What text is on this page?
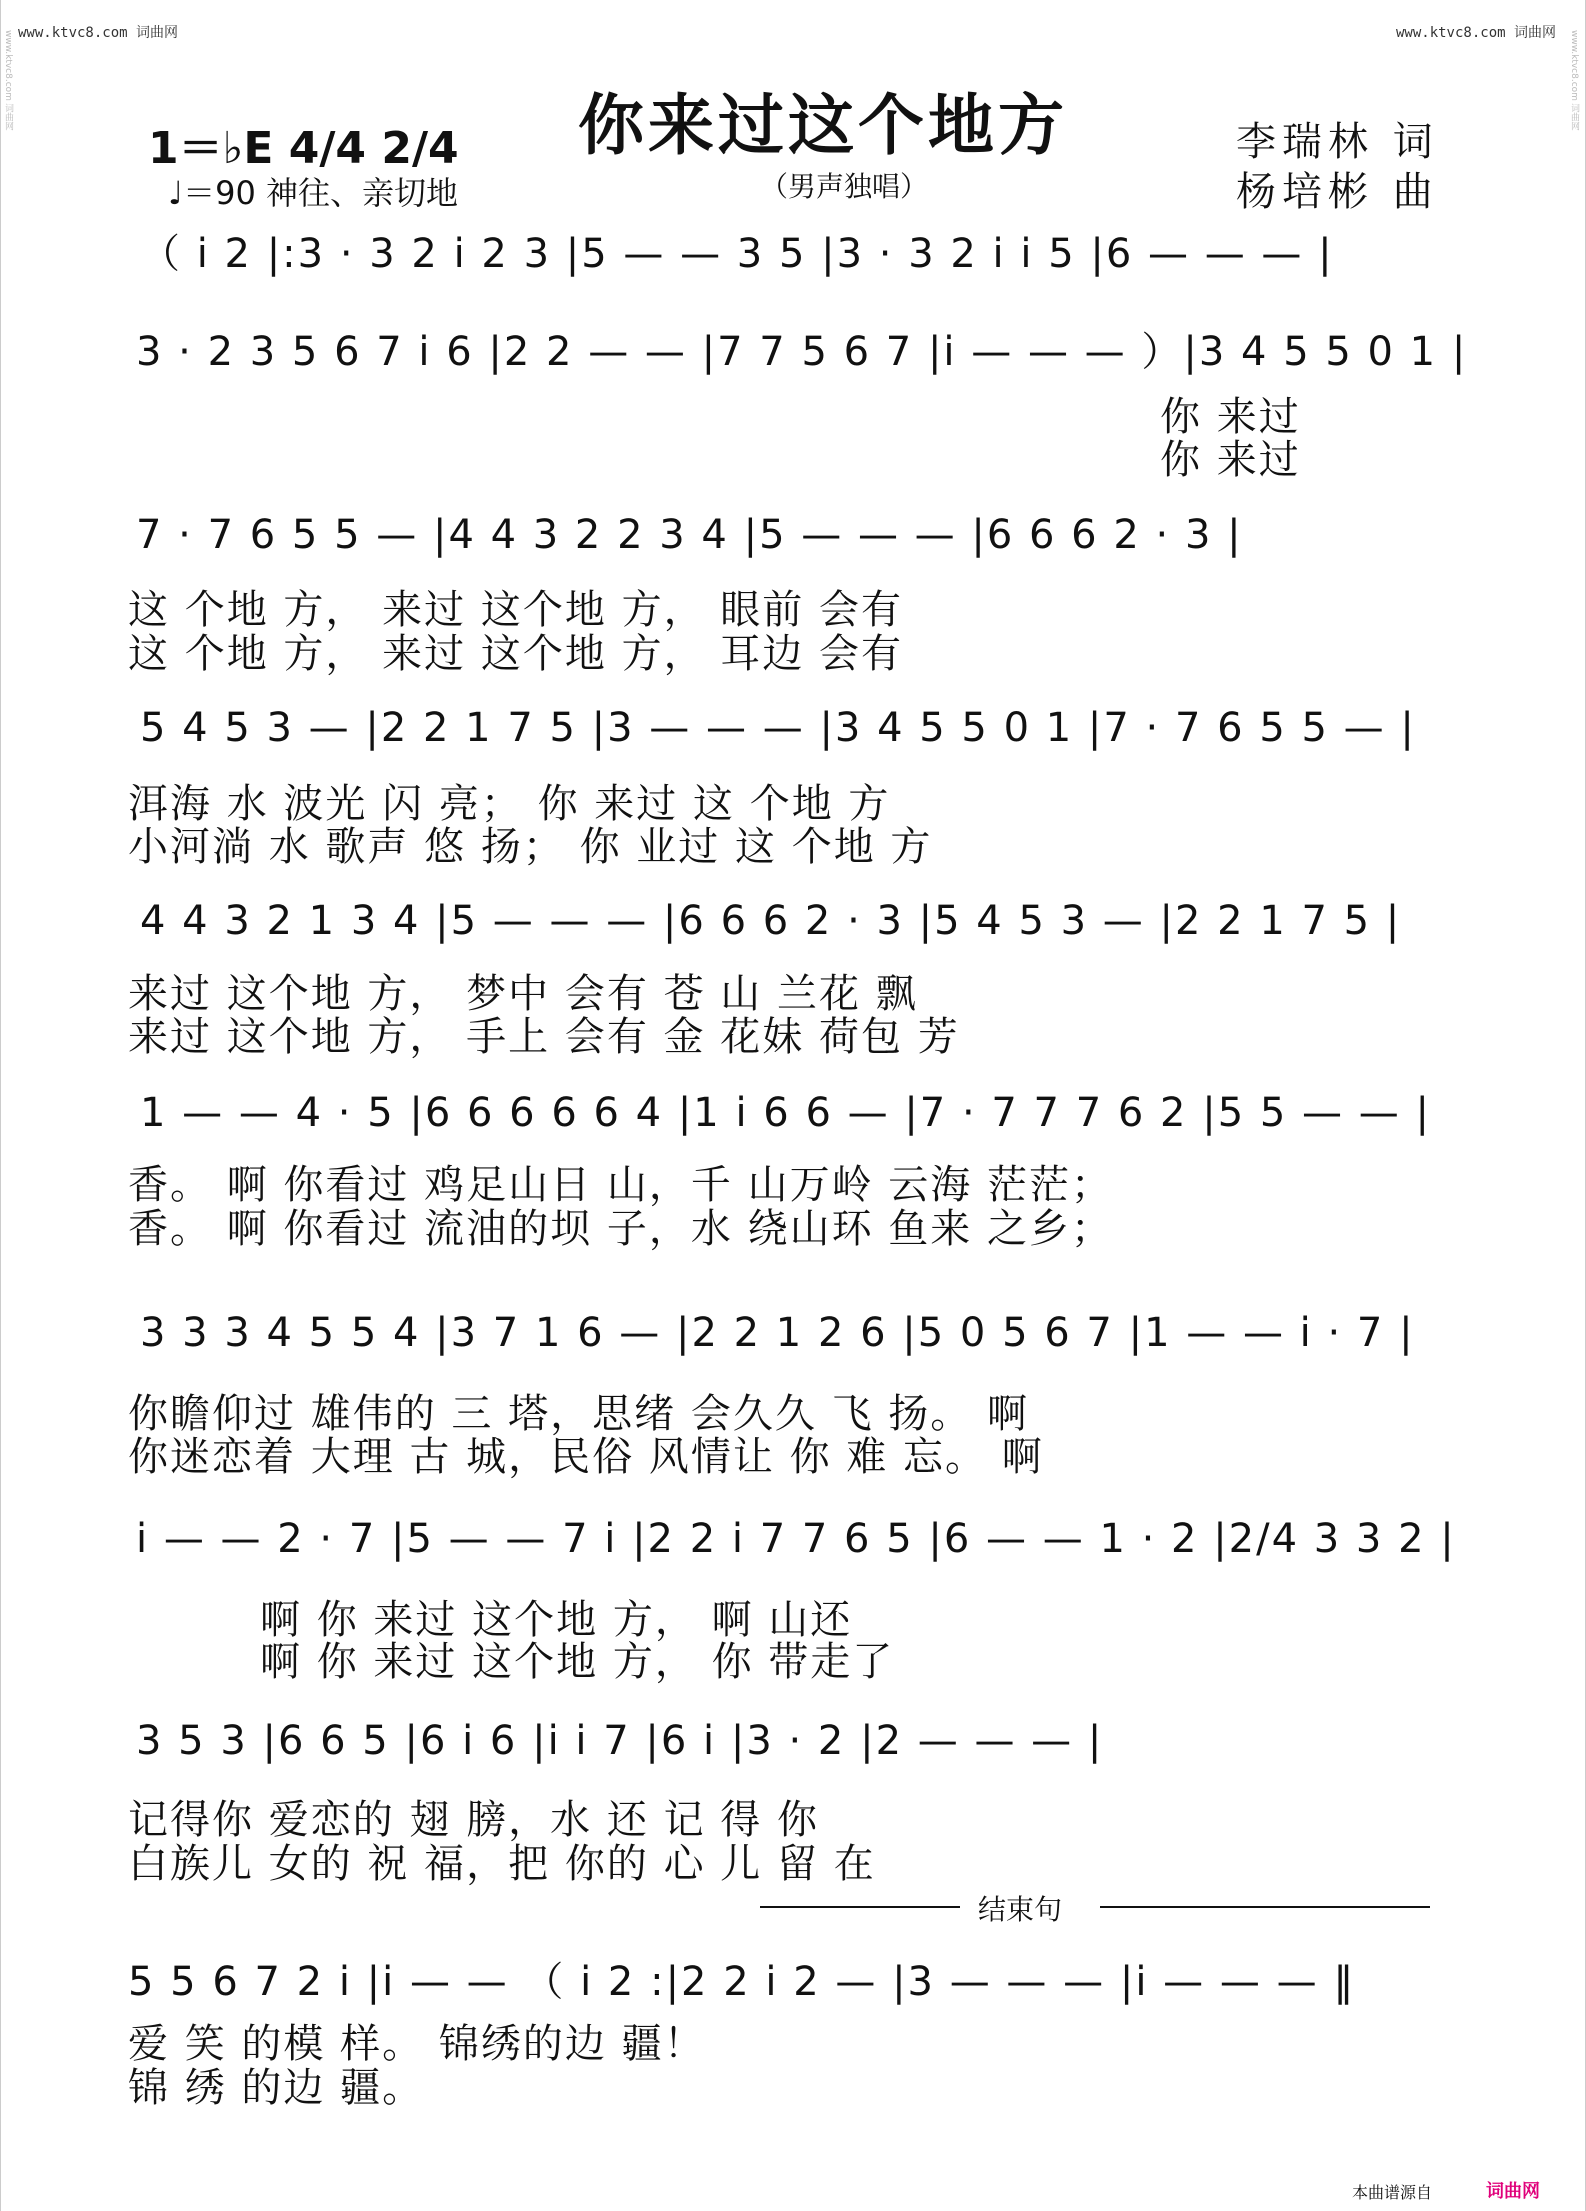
www.ktvc8.com 词曲网	www.ktvc8.com 词曲网
www.ktvc8.com 词曲网	www.ktvc8.com 词曲网
你来过这个地方
（男声独唱）
李瑞林 词
杨培彬 曲
1＝♭E 4/4 2/4
♩＝90 神往、亲切地
（ i 2 |:3 · 3 2 i 2 3 |5 — — 3 5 |3 · 3 2 i i 5 |6 — — — |
3 · 2 3 5 6 7 i 6 |2 2 — — |7 7 5 6 7 |i — — — ）|3 4 5 5 0 1 |
你 来过
你 来过
7 · 7 6 5 5 — |4 4 3 2 2 3 4 |5 — — — |6 6 6 2 · 3 |
这 个地 方， 来过 这个地 方， 眼前 会有
这 个地 方， 来过 这个地 方， 耳边 会有
5 4 5 3 — |2 2 1 7 5 |3 — — — |3 4 5 5 0 1 |7 · 7 6 5 5 — |
洱海 水 波光 闪 亮； 你 来过 这 个地 方
小河淌 水 歌声 悠 扬； 你 业过 这 个地 方
4 4 3 2 1 3 4 |5 — — — |6 6 6 2 · 3 |5 4 5 3 — |2 2 1 7 5 |
来过 这个地 方， 梦中 会有 苍 山 兰花 飘
来过 这个地 方， 手上 会有 金 花妹 荷包 芳
1 — — 4 · 5 |6 6 6 6 6 4 |1 i 6 6 — |7 · 7 7 7 6 2 |5 5 — — |
香。 啊 你看过 鸡足山日 山，千 山万岭 云海 茫茫；
香。 啊 你看过 流油的坝 子，水 绕山环 鱼来 之乡；
3 3 3 4 5 5 4 |3 7 1 6 — |2 2 1 2 6 |5 0 5 6 7 |1 — — i · 7 |
你瞻仰过 雄伟的 三 塔，思绪 会久久 飞 扬。 啊
你迷恋着 大理 古 城，民俗 风情让 你 难 忘。 啊
i — — 2 · 7 |5 — — 7 i |2 2 i 7 7 6 5 |6 — — 1 · 2 |2/4 3 3 2 |
啊 你 来过 这个地 方， 啊 山还
啊 你 来过 这个地 方， 你 带走了
3 5 3 |6 6 5 |6 i 6 |i i 7 |6 i |3 · 2 |2 — — — |
记得你 爱恋的 翅 膀，水 还 记 得 你
白族儿 女的 祝 福，把 你的 心 儿 留 在
结束句
5 5 6 7 2 i |i — — （ i 2 :|2 2 i 2 — |3 — — — |i — — — ‖
爱 笑 的模 样。 锦绣的边 疆！
锦 绣 的边 疆。
本曲谱源自	词曲网
